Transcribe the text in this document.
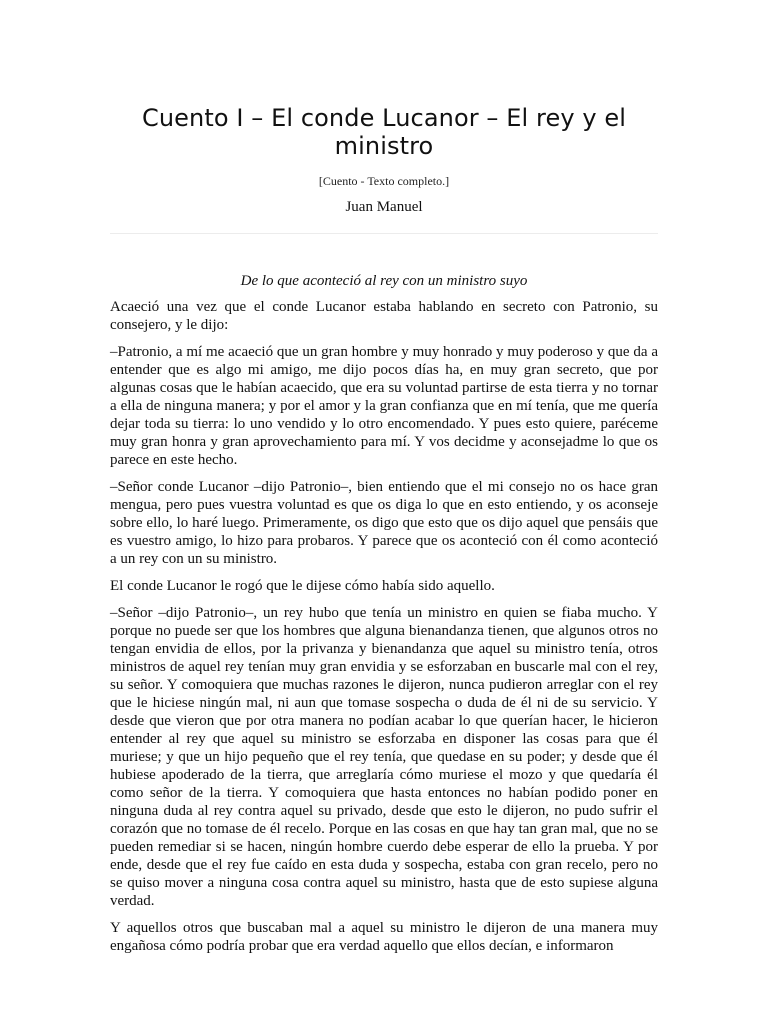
Cuento I – El conde Lucanor – El rey y el ministro
[Cuento - Texto completo.]
Juan Manuel
De lo que aconteció al rey con un ministro suyo

Acaeció una vez que el conde Lucanor estaba hablando en secreto con Patronio, su consejero, y le dijo:

–Patronio, a mí me acaeció que un gran hombre y muy honrado y muy poderoso y que da a entender que es algo mi amigo, me dijo pocos días ha, en muy gran secreto, que por algunas cosas que le habían acaecido, que era su voluntad partirse de esta tierra y no tornar a ella de ninguna manera; y por el amor y la gran confianza que en mí tenía, que me quería dejar toda su tierra: lo uno vendido y lo otro encomendado. Y pues esto quiere, paréceme muy gran honra y gran aprovechamiento para mí. Y vos decidme y aconsejadme lo que os parece en este hecho.

–Señor conde Lucanor –dijo Patronio–, bien entiendo que el mi consejo no os hace gran mengua, pero pues vuestra voluntad es que os diga lo que en esto entiendo, y os aconseje sobre ello, lo haré luego. Primeramente, os digo que esto que os dijo aquel que pensáis que es vuestro amigo, lo hizo para probaros. Y parece que os aconteció con él como aconteció a un rey con un su ministro.

El conde Lucanor le rogó que le dijese cómo había sido aquello.

–Señor –dijo Patronio–, un rey hubo que tenía un ministro en quien se fiaba mucho. Y porque no puede ser que los hombres que alguna bienandanza tienen, que algunos otros no tengan envidia de ellos, por la privanza y bienandanza que aquel su ministro tenía, otros ministros de aquel rey tenían muy gran envidia y se esforzaban en buscarle mal con el rey, su señor. Y comoquiera que muchas razones le dijeron, nunca pudieron arreglar con el rey que le hiciese ningún mal, ni aun que tomase sospecha o duda de él ni de su servicio. Y desde que vieron que por otra manera no podían acabar lo que querían hacer, le hicieron entender al rey que aquel su ministro se esforzaba en disponer las cosas para que él muriese; y que un hijo pequeño que el rey tenía, que quedase en su poder; y desde que él hubiese apoderado de la tierra, que arreglaría cómo muriese el mozo y que quedaría él como señor de la tierra. Y comoquiera que hasta entonces no habían podido poner en ninguna duda al rey contra aquel su privado, desde que esto le dijeron, no pudo sufrir el corazón que no tomase de él recelo. Porque en las cosas en que hay tan gran mal, que no se pueden remediar si se hacen, ningún hombre cuerdo debe esperar de ello la prueba. Y por ende, desde que el rey fue caído en esta duda y sospecha, estaba con gran recelo, pero no se quiso mover a ninguna cosa contra aquel su ministro, hasta que de esto supiese alguna verdad.

Y aquellos otros que buscaban mal a aquel su ministro le dijeron de una manera muy engañosa cómo podría probar que era verdad aquello que ellos decían, e informaron
